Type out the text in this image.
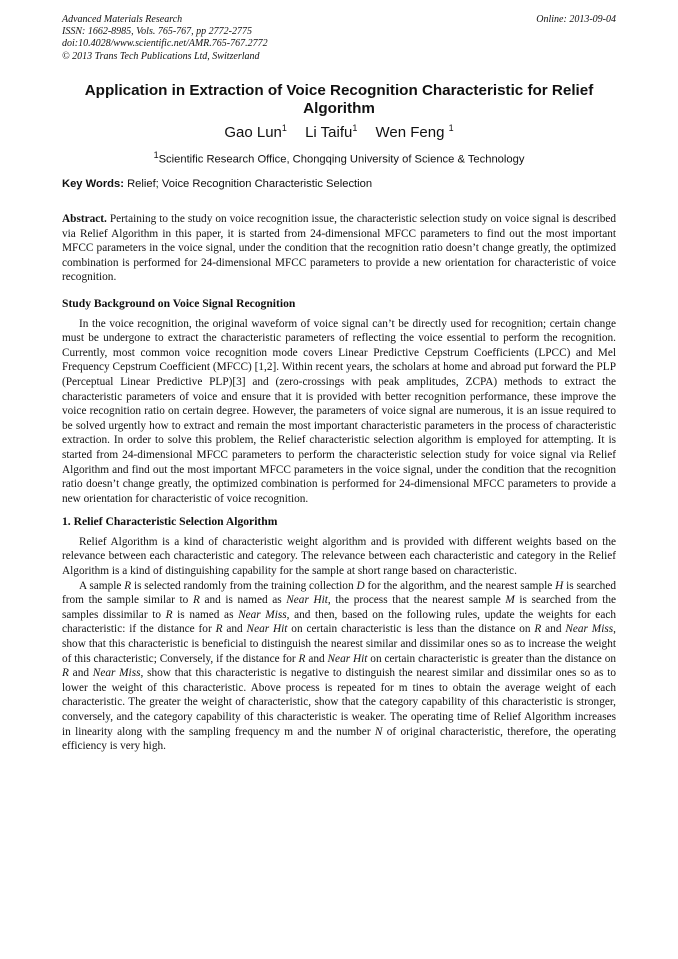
Advanced Materials Research
ISSN: 1662-8985, Vols. 765-767, pp 2772-2775
doi:10.4028/www.scientific.net/AMR.765-767.2772
© 2013 Trans Tech Publications Ltd, Switzerland
Online: 2013-09-04
Application in Extraction of Voice Recognition Characteristic for Relief Algorithm
Gao Lun$^1$ Li Taifu$^1$ Wen Feng $^1$
$^1$Scientific Research Office, Chongqing University of Science & Technology
Key Words: Relief; Voice Recognition Characteristic Selection

Abstract. Pertaining to the study on voice recognition issue, the characteristic selection study on voice signal is described via Relief Algorithm in this paper, it is started from 24-dimensional MFCC parameters to find out the most important MFCC parameters in the voice signal, under the condition that the recognition ratio doesn’t change greatly, the optimized combination is performed for 24-dimensional MFCC parameters to provide a new orientation for characteristic of voice recognition.

Study Background on Voice Signal Recognition

In the voice recognition, the original waveform of voice signal can’t be directly used for recognition; certain change must be undergone to extract the characteristic parameters of reflecting the voice essential to perform the recognition. Currently, most common voice recognition mode covers Linear Predictive Cepstrum Coefficients (LPCC) and Mel Frequency Cepstrum Coefficient (MFCC) [1,2]. Within recent years, the scholars at home and abroad put forward the PLP (Perceptual Linear Predictive PLP)[3] and (zero-crossings with peak amplitudes, ZCPA) methods to extract the characteristic parameters of voice and ensure that it is provided with better recognition performance, these improve the voice recognition ratio on certain degree. However, the parameters of voice signal are numerous, it is an issue required to be solved urgently how to extract and remain the most important characteristic parameters in the process of characteristic extraction. In order to solve this problem, the Relief characteristic selection algorithm is employed for attempting. It is started from 24-dimensional MFCC parameters to perform the characteristic selection study for voice signal via Relief Algorithm and find out the most important MFCC parameters in the voice signal, under the condition that the recognition ratio doesn’t change greatly, the optimized combination is performed for 24-dimensional MFCC parameters to provide a new orientation for characteristic of voice recognition.

1. Relief Characteristic Selection Algorithm

Relief Algorithm is a kind of characteristic weight algorithm and is provided with different weights based on the relevance between each characteristic and category. The relevance between each characteristic and category in the Relief Algorithm is a kind of distinguishing capability for the sample at short range based on characteristic.

A sample R is selected randomly from the training collection D for the algorithm, and the nearest sample H is searched from the sample similar to R and is named as Near Hit, the process that the nearest sample M is searched from the samples dissimilar to R is named as Near Miss, and then, based on the following rules, update the weights for each characteristic: if the distance for R and Near Hit on certain characteristic is less than the distance on R and Near Miss, show that this characteristic is beneficial to distinguish the nearest similar and dissimilar ones so as to increase the weight of this characteristic; Conversely, if the distance for R and Near Hit on certain characteristic is greater than the distance on R and Near Miss, show that this characteristic is negative to distinguish the nearest similar and dissimilar ones so as to lower the weight of this characteristic. Above process is repeated for m tines to obtain the average weight of each characteristic. The greater the weight of characteristic, show that the category capability of this characteristic is stronger, conversely, and the category capability of this characteristic is weaker. The operating time of Relief Algorithm increases in linearity along with the sampling frequency m and the number N of original characteristic, therefore, the operating efficiency is very high.
